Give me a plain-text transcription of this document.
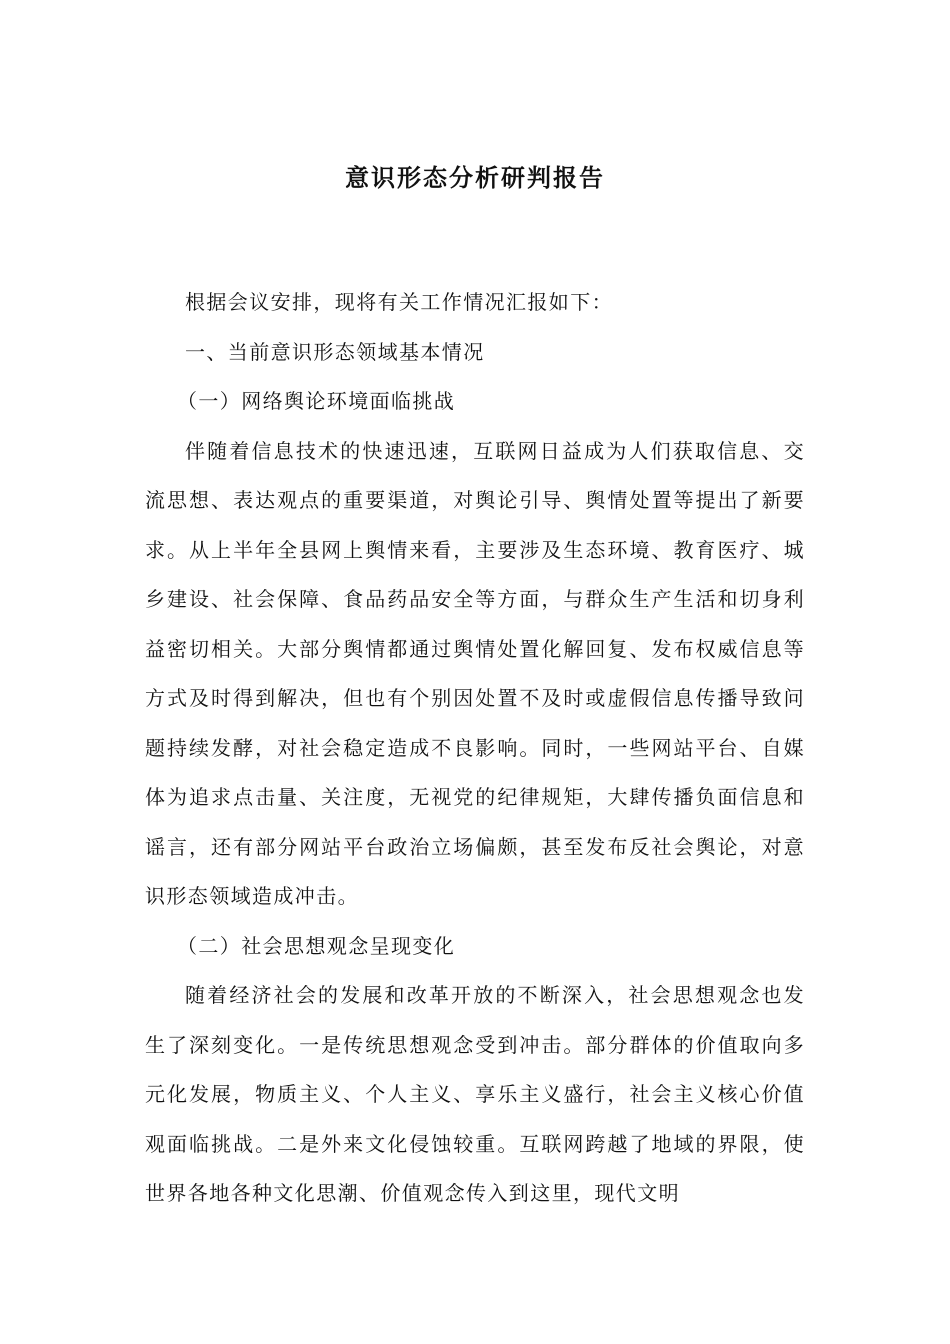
意识形态分析研判报告

根据会议安排，现将有关工作情况汇报如下：

一、当前意识形态领域基本情况

（一）网络舆论环境面临挑战

伴随着信息技术的快速迅速，互联网日益成为人们获取信息、交流思想、表达观点的重要渠道，对舆论引导、舆情处置等提出了新要求。从上半年全县网上舆情来看，主要涉及生态环境、教育医疗、城乡建设、社会保障、食品药品安全等方面，与群众生产生活和切身利益密切相关。大部分舆情都通过舆情处置化解回复、发布权威信息等方式及时得到解决，但也有个别因处置不及时或虚假信息传播导致问题持续发酵，对社会稳定造成不良影响。同时，一些网站平台、自媒体为追求点击量、关注度，无视党的纪律规矩，大肆传播负面信息和谣言，还有部分网站平台政治立场偏颇，甚至发布反社会舆论，对意识形态领域造成冲击。

（二）社会思想观念呈现变化

随着经济社会的发展和改革开放的不断深入，社会思想观念也发生了深刻变化。一是传统思想观念受到冲击。部分群体的价值取向多元化发展，物质主义、个人主义、享乐主义盛行，社会主义核心价值观面临挑战。二是外来文化侵蚀较重。互联网跨越了地域的界限，使世界各地各种文化思潮、价值观念传入到这里，现代文明
